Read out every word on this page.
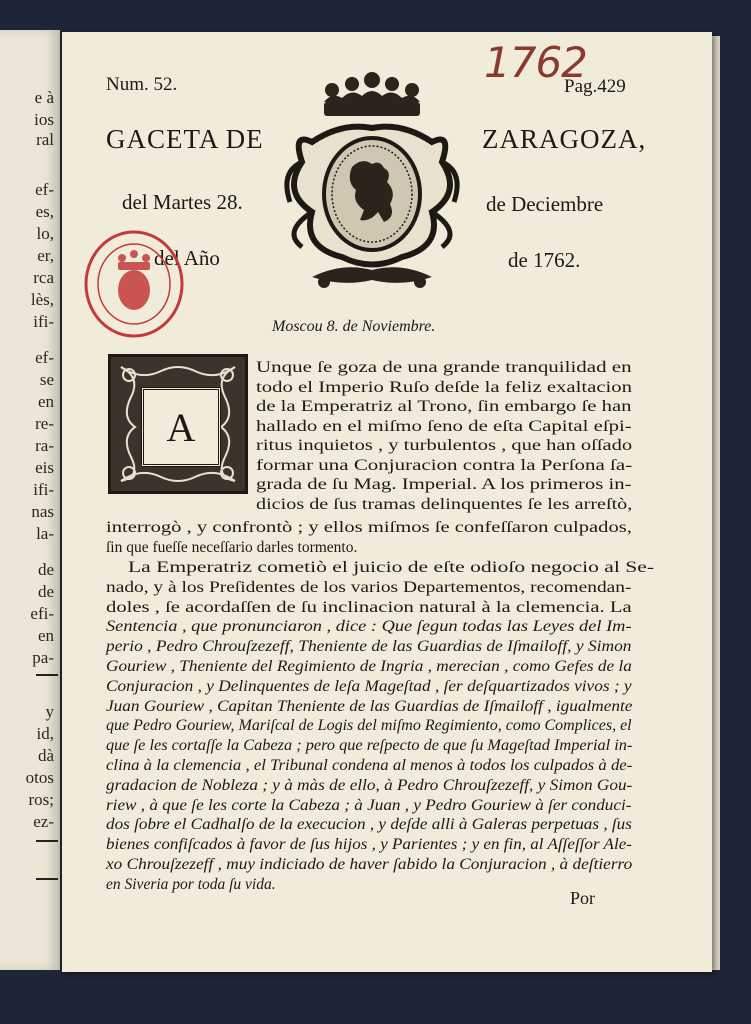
e à
ios
ral
ef-
es,
lo,
er,
rca
lès,
ifi-
ef-
se
en
re-
ra-
eis
ifi-
nas
la-
de
de
efi-
en
pa-
y
id,
dà
otos
ros;
ez-
Num. 52.	Pag.429
1762
GACETA DE	ZARAGOZA,
del Martes 28.	de Deciembre
del Año	de 1762.
Moscou 8. de Noviembre.
A
Unque ſe goza de una grande tranquilidad en
todo el Imperio Ruſo deſde la feliz exaltacion
de la Emperatriz al Trono, ſin embargo ſe han
hallado en el miſmo ſeno de eſta Capital eſpi-
ritus inquietos , y turbulentos , que han oſſado
formar una Conjuracion contra la Perſona ſa-
grada de ſu Mag. Imperial. A los primeros in-
dicios de ſus tramas delinquentes ſe les arreſtò,
interrogò , y confrontò ; y ellos miſmos ſe confeſſaron culpados,
ſin que fueſſe neceſſario darles tormento.
La Emperatriz cometiò el juicio de eſte odioſo negocio al Se-
nado, y à los Preſidentes de los varios Departementos, recomendan-
doles , ſe acordaſſen de ſu inclinacion natural à la clemencia. La
Sentencia , que pronunciaron , dice : Que ſegun todas las Leyes del Im-
perio , Pedro Chrouſzezeff, Theniente de las Guardias de Iſmailoff, y Simon
Gouriew , Theniente del Regimiento de Ingria , merecian , como Gefes de la
Conjuracion , y Delinquentes de leſa Mageſtad , ſer deſquartizados vivos ; y
Juan Gouriew , Capitan Theniente de las Guardias de Iſmailoff , igualmente
que Pedro Gouriew, Mariſcal de Logis del miſmo Regimiento, como Complices, el
que ſe les cortaſſe la Cabeza ; pero que reſpecto de que ſu Mageſtad Imperial in-
clina à la clemencia , el Tribunal condena al menos à todos los culpados à de-
gradacion de Nobleza ; y à màs de ello, à Pedro Chrouſzezeff, y Simon Gou-
riew , à que ſe les corte la Cabeza ; à Juan , y Pedro Gouriew à ſer conduci-
dos ſobre el Cadhalſo de la execucion , y deſde alli à Galeras perpetuas , ſus
bienes confiſcados à favor de ſus hijos , y Parientes ; y en fin, al Aſſeſſor Ale-
xo Chrouſzezeff , muy indiciado de haver ſabido la Conjuracion , à deſtierro
en Siveria por toda ſu vida.
Por
